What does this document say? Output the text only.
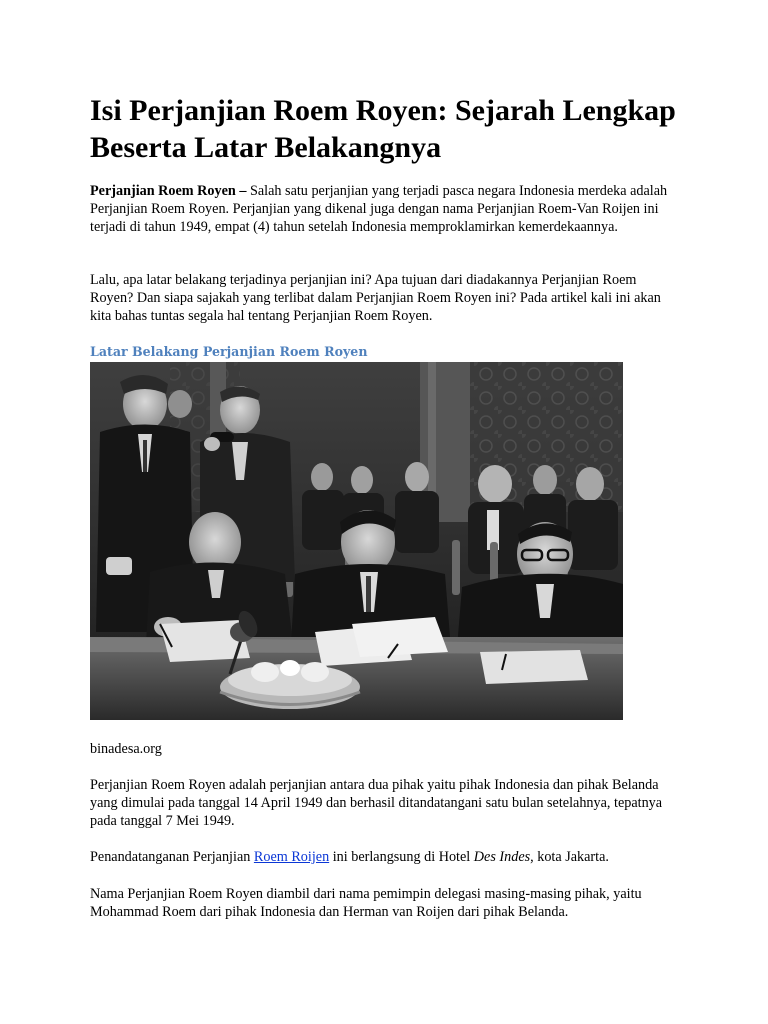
Isi Perjanjian Roem Royen: Sejarah Lengkap Beserta Latar Belakangnya

Perjanjian Roem Royen – Salah satu perjanjian yang terjadi pasca negara Indonesia merdeka adalah Perjanjian Roem Royen. Perjanjian yang dikenal juga dengan nama Perjanjian Roem-Van Roijen ini terjadi di tahun 1949, empat (4) tahun setelah Indonesia memproklamirkan kemerdekaannya.

Lalu, apa latar belakang terjadinya perjanjian ini? Apa tujuan dari diadakannya Perjanjian Roem Royen? Dan siapa sajakah yang terlibat dalam Perjanjian Roem Royen ini? Pada artikel kali ini akan kita bahas tuntas segala hal tentang Perjanjian Roem Royen.

Latar Belakang Perjanjian Roem Royen

binadesa.org

Perjanjian Roem Royen adalah perjanjian antara dua pihak yaitu pihak Indonesia dan pihak Belanda yang dimulai pada tanggal 14 April 1949 dan berhasil ditandatangani satu bulan setelahnya, tepatnya pada tanggal 7 Mei 1949.

Penandatanganan Perjanjian Roem Roijen ini berlangsung di Hotel Des Indes, kota Jakarta.

Nama Perjanjian Roem Royen diambil dari nama pemimpin delegasi masing-masing pihak, yaitu Mohammad Roem dari pihak Indonesia dan Herman van Roijen dari pihak Belanda.
